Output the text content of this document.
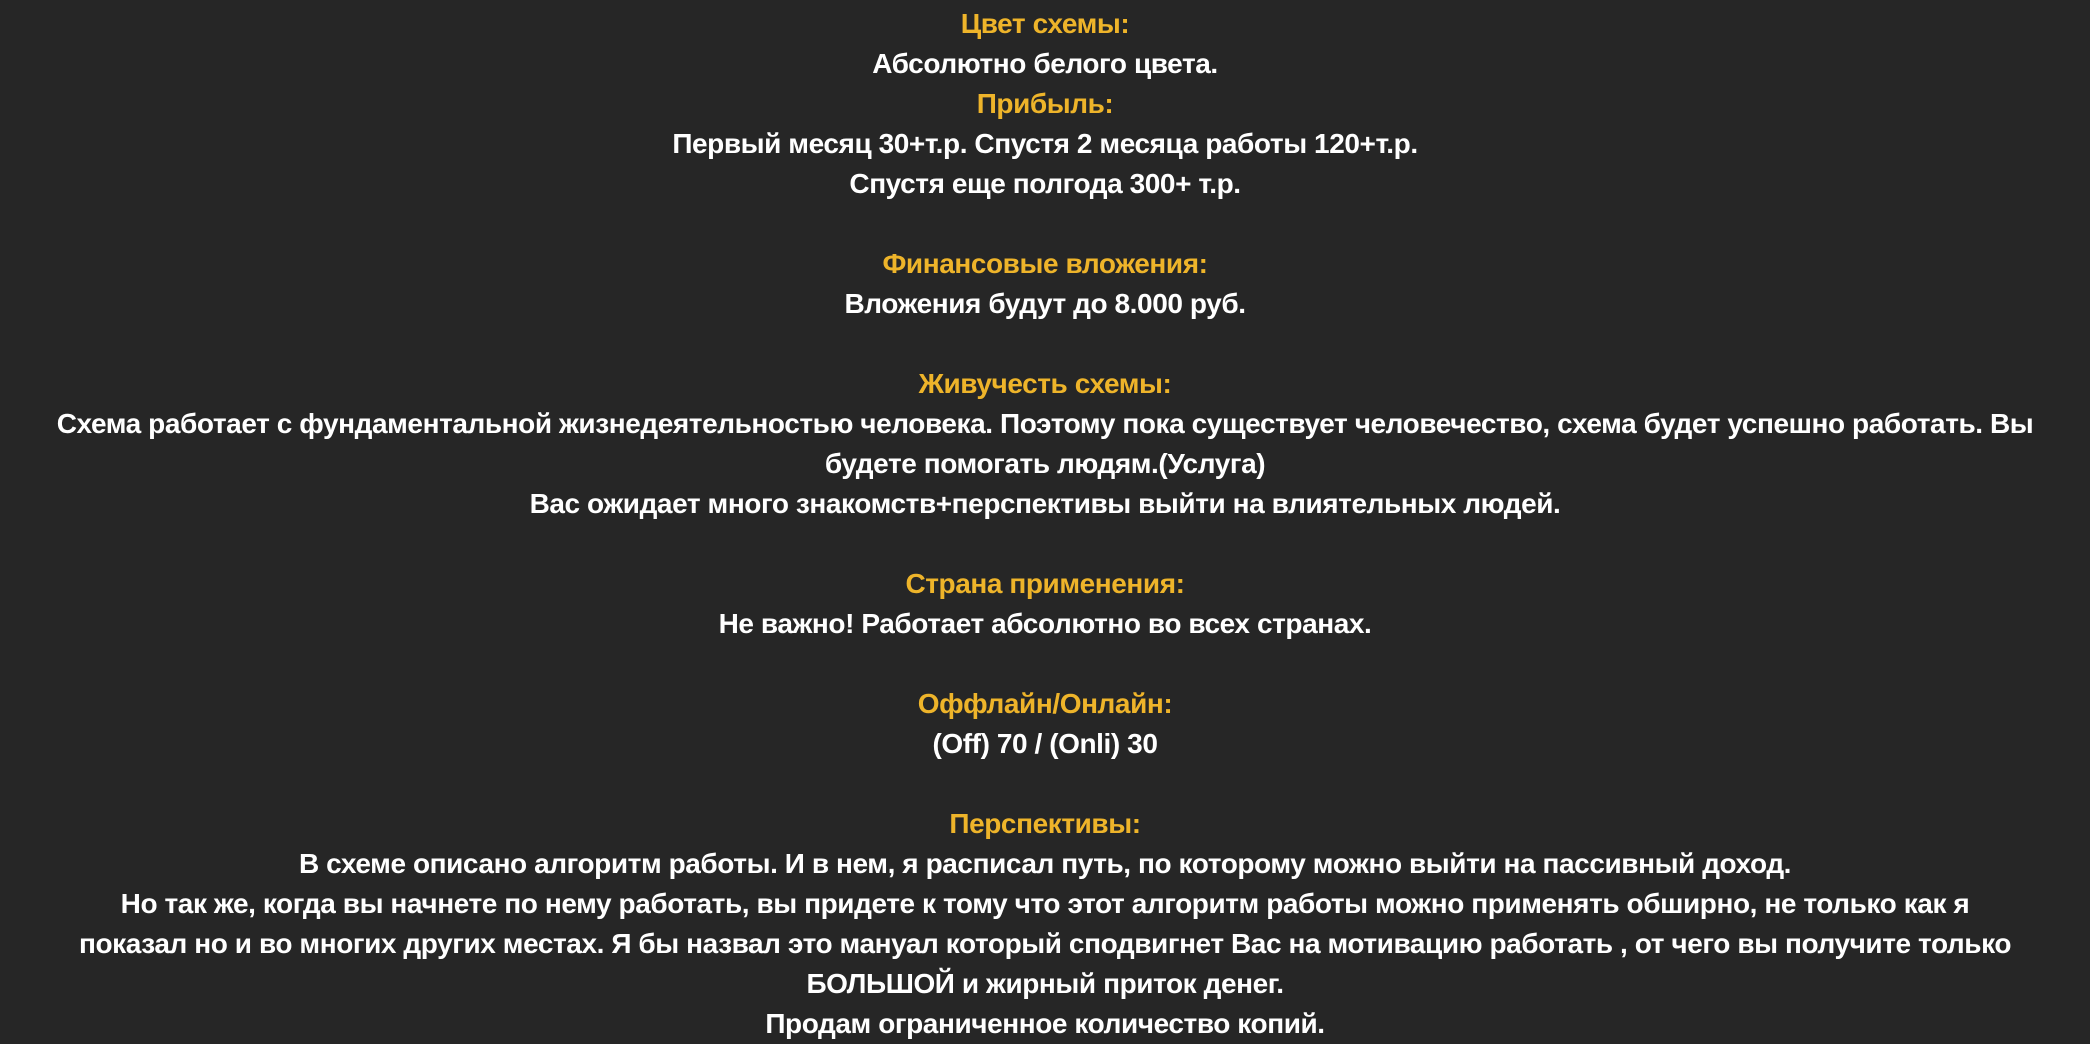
Цвет схемы:
Абсолютно белого цвета.
Прибыль:
Первый месяц 30+т.р. Спустя 2 месяца работы 120+т.р.
Спустя еще полгода 300+ т.р.
Финансовые вложения:
Вложения будут до 8.000 руб.
Живучесть схемы:
Схема работает с фундаментальной жизнедеятельностью человека. Поэтому пока существует человечество, схема будет успешно работать. Вы
будете помогать людям.(Услуга)
Вас ожидает много знакомств+перспективы выйти на влиятельных людей.
Страна применения:
Не важно! Работает абсолютно во всех странах.
Оффлайн/Онлайн:
(Off) 70 / (Onli) 30
Перспективы:
В схеме описано алгоритм работы. И в нем, я расписал путь, по которому можно выйти на пассивный доход.
Но так же, когда вы начнете по нему работать, вы придете к тому что этот алгоритм работы можно применять обширно, не только как я
показал но и во многих других местах. Я бы назвал это мануал который сподвигнет Вас на мотивацию работать , от чего вы получите только
БОЛЬШОЙ и жирный приток денег.
Продам ограниченное количество копий.
